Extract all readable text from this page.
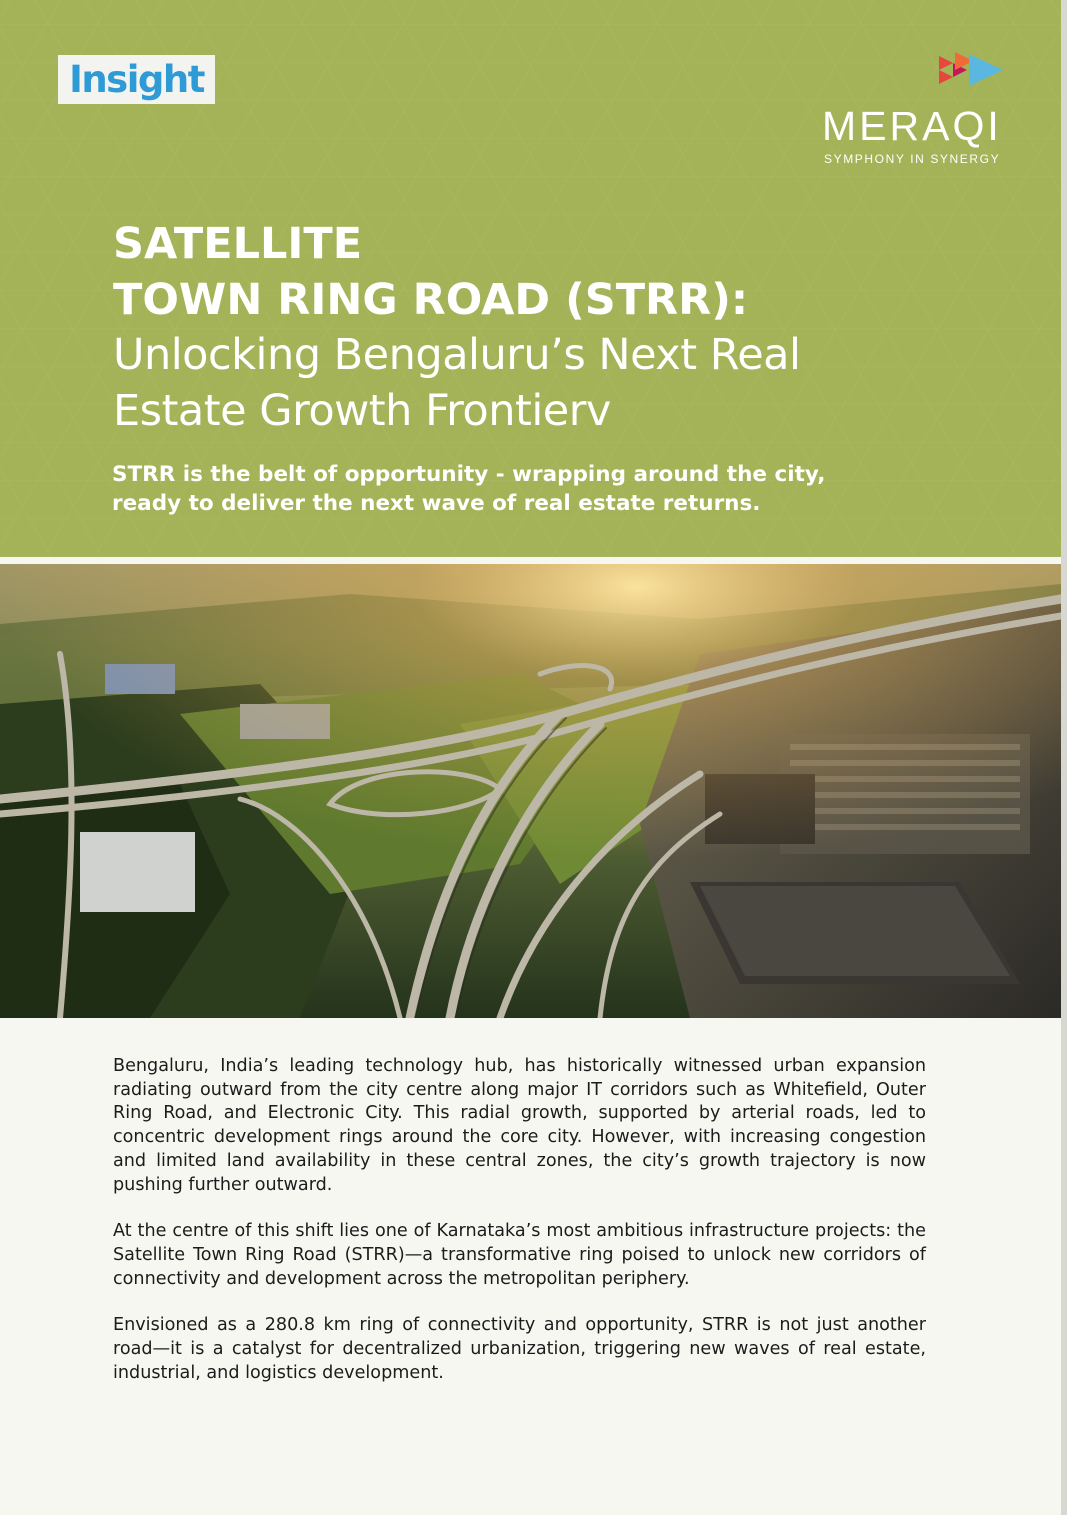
Insight
MERAQI
SYMPHONY IN SYNERGY
SATELLITE
TOWN RING ROAD (STRR):
Unlocking Bengaluru’s Next Real
Estate Growth Frontierv

STRR is the belt of opportunity - wrapping around the city,
ready to deliver the next wave of real estate returns.

Bengaluru, India’s leading technology hub, has historically witnessed urban expansion radiating outward from the city centre along major IT corridors such as Whitefield, Outer Ring Road, and Electronic City. This radial growth, supported by arterial roads, led to concentric development rings around the core city. However, with increasing congestion and limited land availability in these central zones, the city’s growth trajectory is now pushing further outward.

At the centre of this shift lies one of Karnataka’s most ambitious infrastructure projects: the Satellite Town Ring Road (STRR)—a transformative ring poised to unlock new corridors of connectivity and development across the metropolitan periphery.

Envisioned as a 280.8 km ring of connectivity and opportunity, STRR is not just another road—it is a catalyst for decentralized urbanization, triggering new waves of real estate, industrial, and logistics development.
